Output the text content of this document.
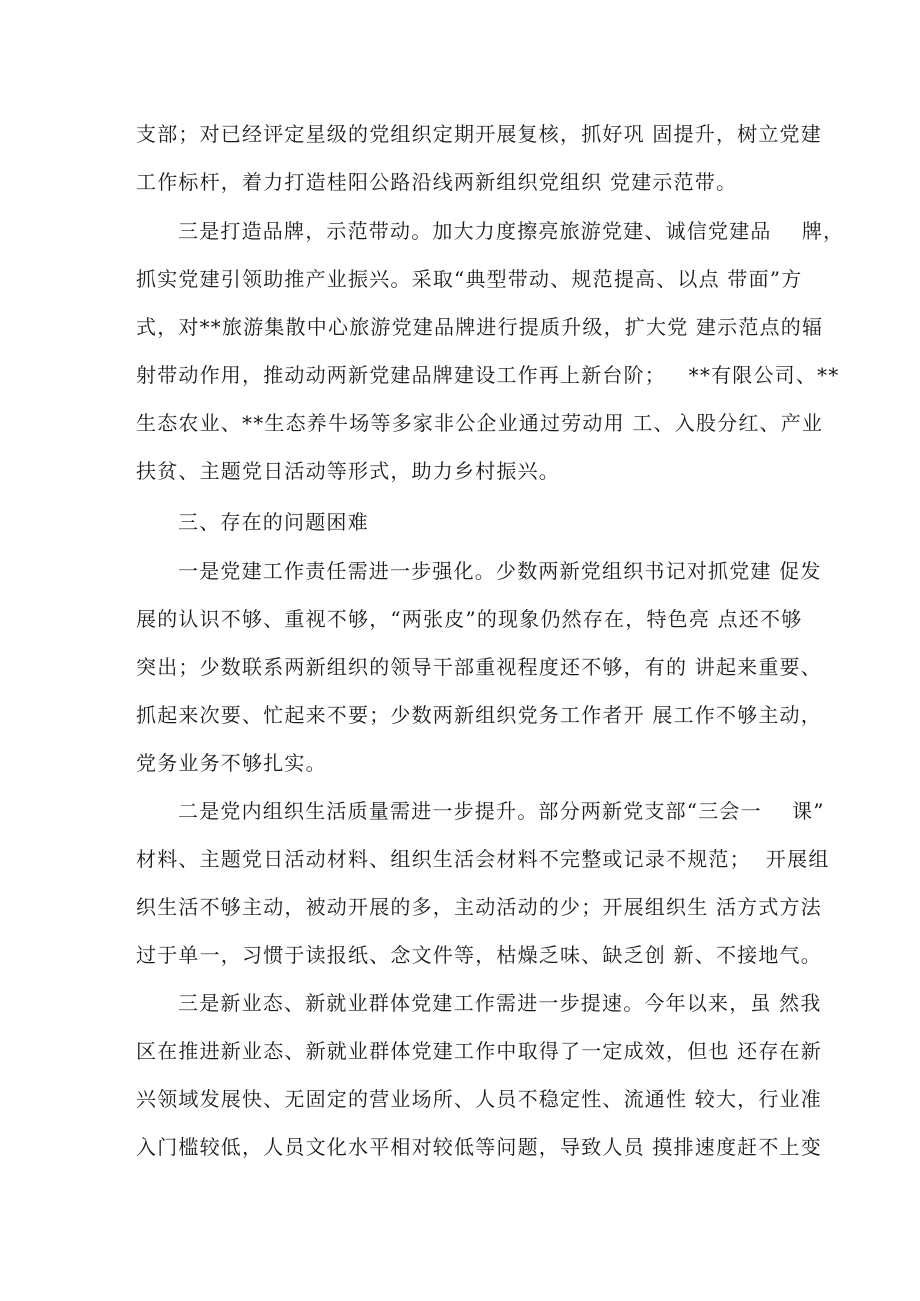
支部；对已经评定星级的党组织定期开展复核，抓好巩 固提升，树立党建
工作标杆，着力打造桂阳公路沿线两新组织党组织 党建示范带。
三是打造品牌，示范带动。加大力度擦亮旅游党建、诚信党建品    牌，
抓实党建引领助推产业振兴。采取“典型带动、规范提高、以点 带面”方
式，对**旅游集散中心旅游党建品牌进行提质升级，扩大党 建示范点的辐
射带动作用，推动动两新党建品牌建设工作再上新台阶；   **有限公司、**
生态农业、**生态养牛场等多家非公企业通过劳动用 工、入股分红、产业
扶贫、主题党日活动等形式，助力乡村振兴。
三、存在的问题困难
一是党建工作责任需进一步强化。少数两新党组织书记对抓党建 促发
展的认识不够、重视不够，“两张皮”的现象仍然存在，特色亮 点还不够
突出；少数联系两新组织的领导干部重视程度还不够，有的 讲起来重要、
抓起来次要、忙起来不要；少数两新组织党务工作者开 展工作不够主动，
党务业务不够扎实。
二是党内组织生活质量需进一步提升。部分两新党支部“三会一    课”
材料、主题党日活动材料、组织生活会材料不完整或记录不规范；  开展组
织生活不够主动，被动开展的多，主动活动的少；开展组织生 活方式方法
过于单一，习惯于读报纸、念文件等，枯燥乏味、缺乏创 新、不接地气。
三是新业态、新就业群体党建工作需进一步提速。今年以来，虽 然我
区在推进新业态、新就业群体党建工作中取得了一定成效，但也 还存在新
兴领域发展快、无固定的营业场所、人员不稳定性、流通性 较大，行业准
入门槛较低，人员文化水平相对较低等问题，导致人员 摸排速度赶不上变
